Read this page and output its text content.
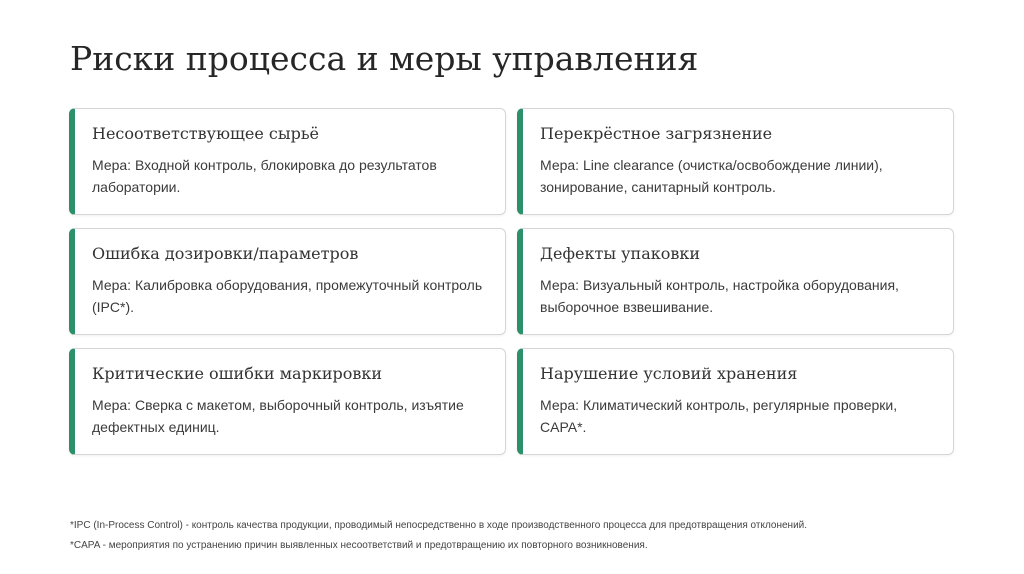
Риски процесса и меры управления
Несоответствующее сырьё
Мера: Входной контроль, блокировка до результатов лаборатории.
Перекрёстное загрязнение
Мера: Line clearance (очистка/освобождение линии), зонирование, санитарный контроль.
Ошибка дозировки/параметров
Мера: Калибровка оборудования, промежуточный контроль (IPC*).
Дефекты упаковки
Мера: Визуальный контроль, настройка оборудования, выборочное взвешивание.
Критические ошибки маркировки
Мера: Сверка с макетом, выборочный контроль, изъятие дефектных единиц.
Нарушение условий хранения
Мера: Климатический контроль, регулярные проверки, CAPA*.
*IPC (In-Process Control) - контроль качества продукции, проводимый непосредственно в ходе производственного процесса для предотвращения отклонений.
*CAPA - мероприятия по устранению причин выявленных несоответствий и предотвращению их повторного возникновения.
